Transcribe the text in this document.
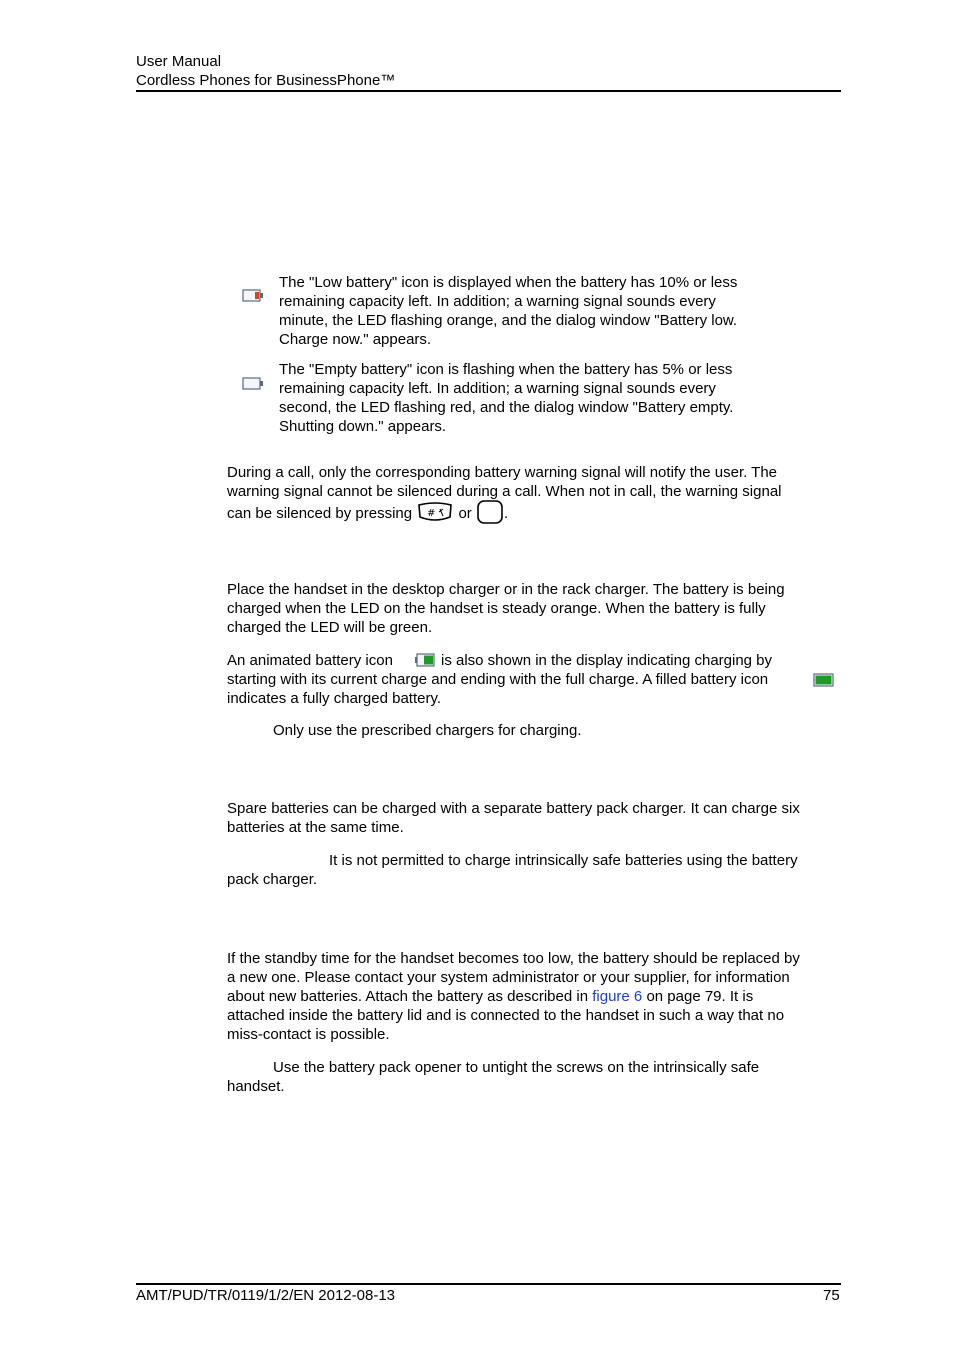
User Manual
Cordless Phones for BusinessPhone™

The "Low battery" icon is displayed when the battery has 10% or less

remaining capacity left. In addition; a warning signal sounds every

minute, the LED flashing orange, and the dialog window "Battery low.

Charge now." appears.

The "Empty battery" icon is flashing when the battery has 5% or less

remaining capacity left. In addition; a warning signal sounds every

second, the LED flashing red, and the dialog window "Battery empty.

Shutting down." appears.

During a call, only the corresponding battery warning signal will notify the user. The

warning signal cannot be silenced during a call. When not in call, the warning signal

can be silenced by pressing # or .

Place the handset in the desktop charger or in the rack charger. The battery is being

charged when the LED on the handset is steady orange. When the battery is fully

charged the LED will be green.

An animated battery icon	is also shown in the display indicating charging by
starting with its current charge and ending with the full charge. A filled battery icon
indicates a fully charged battery.
Only use the prescribed chargers for charging.

Spare batteries can be charged with a separate battery pack charger. It can charge six

batteries at the same time.

It is not permitted to charge intrinsically safe batteries using the battery
pack charger.

If the standby time for the handset becomes too low, the battery should be replaced by

a new one. Please contact your system administrator or your supplier, for information

about new batteries. Attach the battery as described in figure 6 on page 79. It is

attached inside the battery lid and is connected to the handset in such a way that no

miss-contact is possible.

Use the battery pack opener to untight the screws on the intrinsically safe
handset.
AMT/PUD/TR/0119/1/2/EN 2012-08-13	75
